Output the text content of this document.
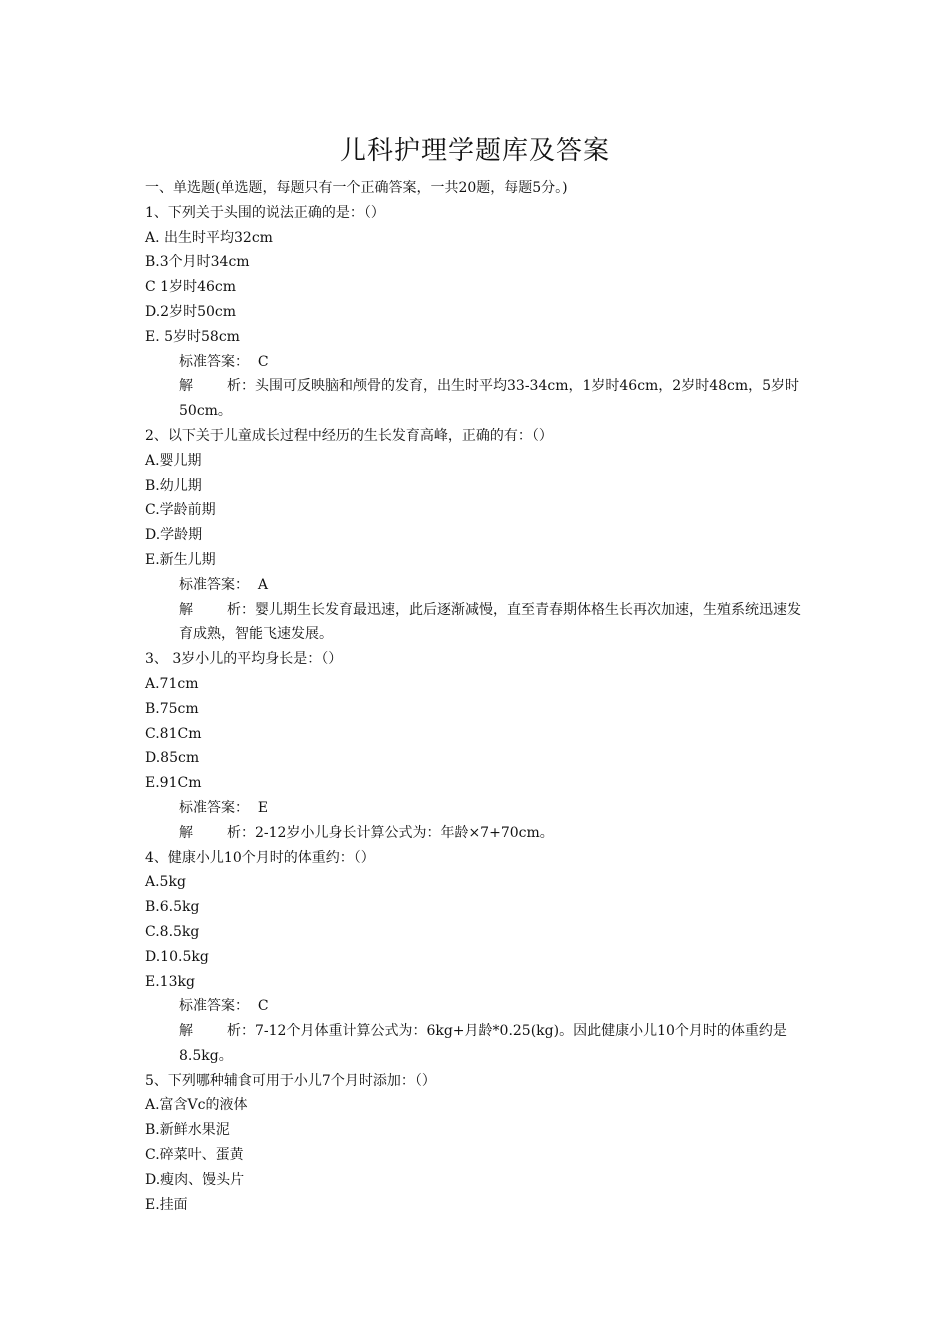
儿科护理学题库及答案
一、单选题(单选题，每题只有一个正确答案，一共20题，每题5分。)
1、下列关于头围的说法正确的是：（）
A. 出生时平均32cm
B.3个月时34cm
C 1岁时46cm
D.2岁时50cm
E. 5岁时58cm
标准答案： C
解 析：头围可反映脑和颅骨的发育，出生时平均33-34cm，1岁时46cm，2岁时48cm，5岁时50cm。
2、以下关于儿童成长过程中经历的生长发育高峰，正确的有：（）
A.婴儿期
B.幼儿期
C.学龄前期
D.学龄期
E.新生儿期
标准答案： A
解 析：婴儿期生长发育最迅速，此后逐渐减慢，直至青春期体格生长再次加速，生殖系统迅速发育成熟，智能飞速发展。
3、 3岁小儿的平均身长是：（）
A.71cm
B.75cm
C.81Cm
D.85cm
E.91Cm
标准答案： E
解 析：2-12岁小儿身长计算公式为：年龄×7+70cm。
4、健康小儿10个月时的体重约：（）
A.5kg
B.6.5kg
C.8.5kg
D.10.5kg
E.13kg
标准答案： C
解 析：7-12个月体重计算公式为：6kg+月龄*0.25(kg)。因此健康小儿10个月时的体重约是8.5kg。
5、下列哪种辅食可用于小儿7个月时添加：（）
A.富含Vc的液体
B.新鲜水果泥
C.碎菜叶、蛋黄
D.瘦肉、馒头片
E.挂面
